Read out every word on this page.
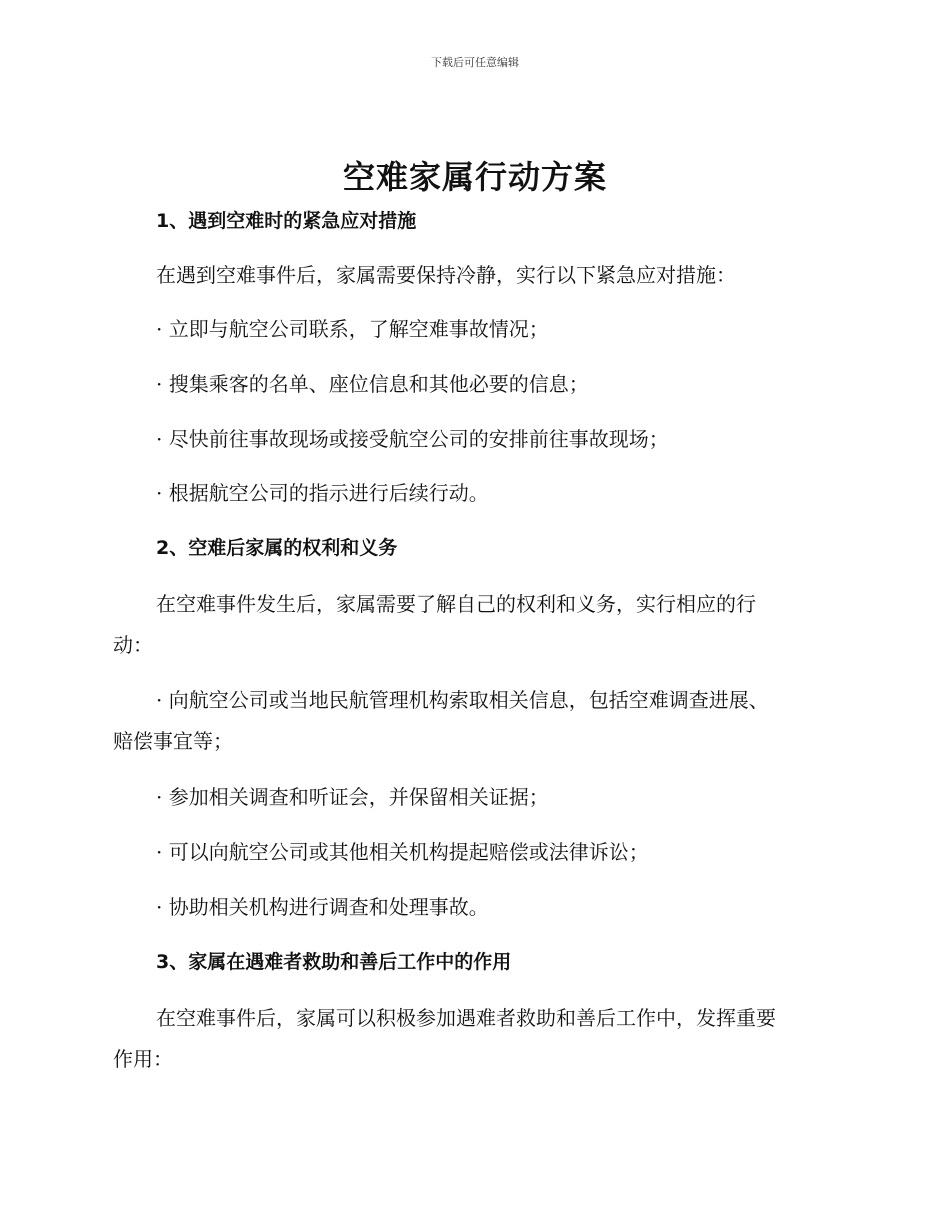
下载后可任意编辑
空难家属行动方案
1、遇到空难时的紧急应对措施
在遇到空难事件后，家属需要保持冷静，实行以下紧急应对措施：
· 立即与航空公司联系，了解空难事故情况；
· 搜集乘客的名单、座位信息和其他必要的信息；
· 尽快前往事故现场或接受航空公司的安排前往事故现场；
· 根据航空公司的指示进行后续行动。
2、空难后家属的权利和义务
在空难事件发生后，家属需要了解自己的权利和义务，实行相应的行
动：
· 向航空公司或当地民航管理机构索取相关信息，包括空难调查进展、
赔偿事宜等；
· 参加相关调查和听证会，并保留相关证据；
· 可以向航空公司或其他相关机构提起赔偿或法律诉讼；
· 协助相关机构进行调查和处理事故。
3、家属在遇难者救助和善后工作中的作用
在空难事件后，家属可以积极参加遇难者救助和善后工作中，发挥重要
作用：
